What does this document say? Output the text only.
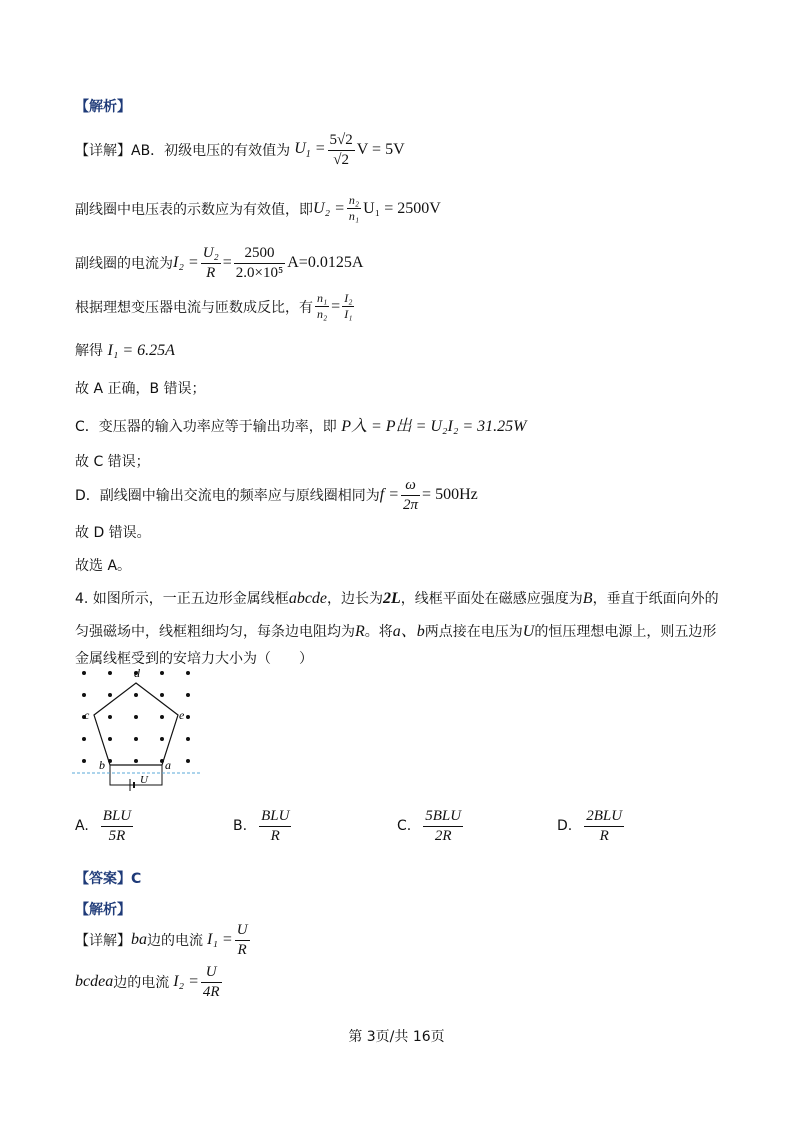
【解析】
【详解】AB．初级电压的有效值为 $U_1 = \frac{5√2}{√2}$ V = 5V
副线圈中电压表的示数应为有效值，即 $U_2 = \frac{\text{n₂}}{\text{n₁}} U_1 = 2500V$
副线圈的电流为 $I_2 = \frac{\text{U₂}}{R} = \frac{2500}{\text{2.0×10⁵}} A=0.0125A$
根据理想变压器电流与匝数成反比，有 $\frac{\text{n₁}}{\text{n₂}} = \frac{\text{I₂}}{\text{I₁}}$
解得 I₁ = 6.25A
故 A 正确，B 错误；
C．变压器的输入功率应等于输出功率，即 P入 = P出 = U₂I₂ = 31.25W
故 C 错误；
D．副线圈中输出交流电的频率应与原线圈相同为 $f = \frac{\omega}{2\pi} = 500Hz$
故 D 错误。
故选 A。
4. 如图所示，一正五边形金属线框abcde，边长为2L，线框平面处在磁感应强度为B，垂直于纸面向外的
匀强磁场中，线框粗细均匀，每条边电阻均为R。将a、b两点接在电压为U的恒压理想电源上，则五边形
金属线框受到的安培力大小为（　　）
d
c	e
b	a
U
A. $\frac{\text{BLU}}{5R}$	B. $\frac{\text{BLU}}{R}$	C. $\frac{\text{5BLU}}{2R}$	D. $\frac{\text{2BLU}}{R}$
【答案】C
【解析】
【详解】 ba 边的电流 $I_1 = \frac{U}{R}$
bcdea 边的电流 $I_2 = \frac{U}{4R}$
第 3页/共 16页
